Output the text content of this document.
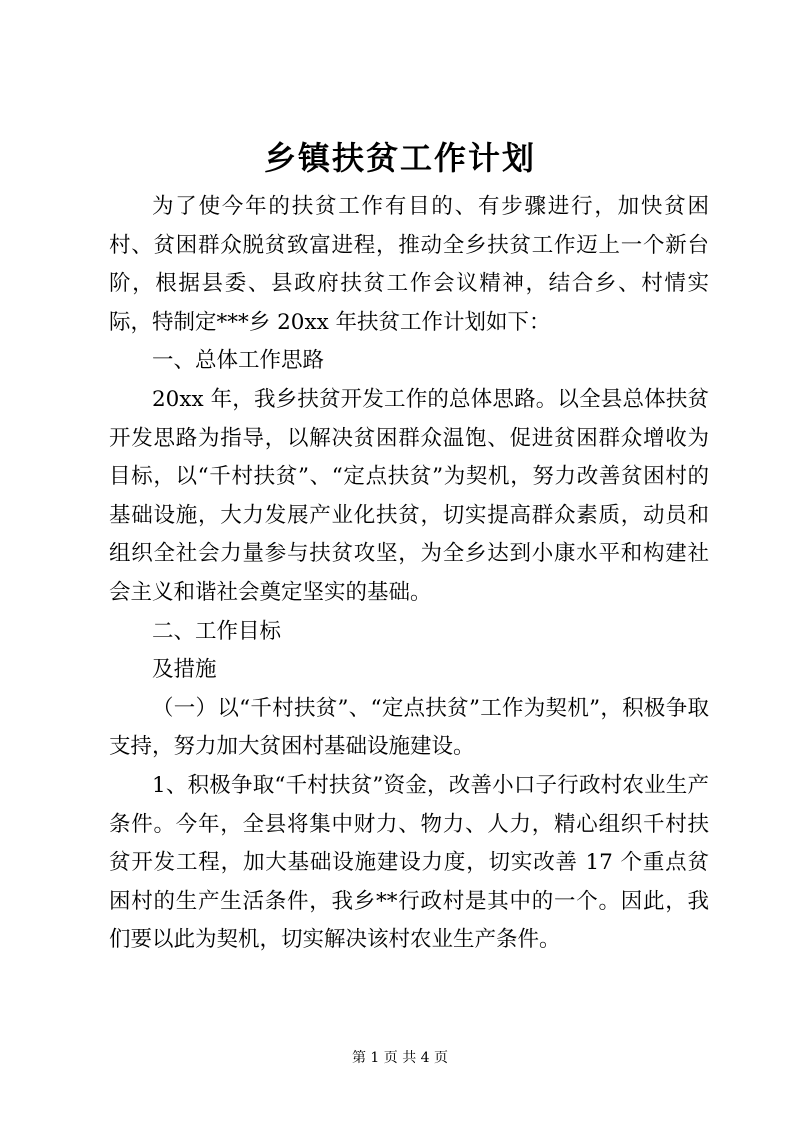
乡镇扶贫工作计划

为了使今年的扶贫工作有目的、有步骤进行，加快贫困村、贫困群众脱贫致富进程，推动全乡扶贫工作迈上一个新台阶，根据县委、县政府扶贫工作会议精神，结合乡、村情实际，特制定***乡 20xx 年扶贫工作计划如下：

一、总体工作思路

20xx 年，我乡扶贫开发工作的总体思路。以全县总体扶贫开发思路为指导，以解决贫困群众温饱、促进贫困群众增收为目标，以“千村扶贫”、“定点扶贫”为契机，努力改善贫困村的基础设施，大力发展产业化扶贫，切实提高群众素质，动员和组织全社会力量参与扶贫攻坚，为全乡达到小康水平和构建社会主义和谐社会奠定坚实的基础。

二、工作目标

及措施

（一）以“千村扶贫”、“定点扶贫”工作为契机”，积极争取支持，努力加大贫困村基础设施建设。

1、积极争取“千村扶贫”资金，改善小口子行政村农业生产条件。今年，全县将集中财力、物力、人力，精心组织千村扶贫开发工程，加大基础设施建设力度，切实改善 17 个重点贫困村的生产生活条件，我乡**行政村是其中的一个。因此，我们要以此为契机，切实解决该村农业生产条件。

第 1 页 共 4 页
